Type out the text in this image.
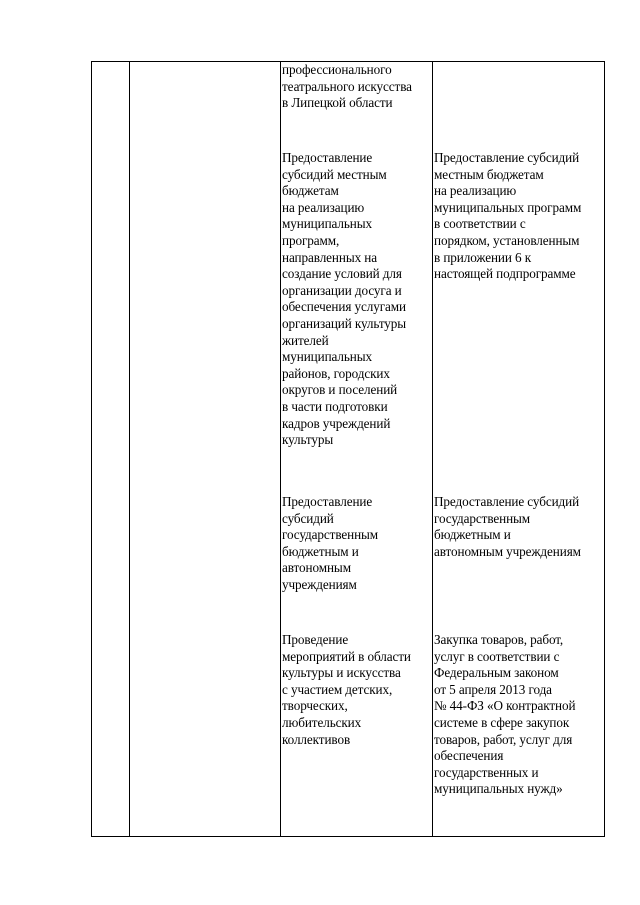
профессионального
театрального искусства
в Липецкой области
Предоставление
субсидий местным
бюджетам
на реализацию
муниципальных
программ,
направленных на
создание условий для
организации досуга и
обеспечения услугами
организаций культуры
жителей
муниципальных
районов, городских
округов и поселений
в части подготовки
кадров учреждений
культуры
Предоставление
субсидий
государственным
бюджетным и
автономным
учреждениям
Проведение
мероприятий в области
культуры и искусства
с участием детских,
творческих,
любительских
коллективов
Предоставление субсидий
местным бюджетам
на реализацию
муниципальных программ
в соответствии с
порядком, установленным
в приложении 6 к
настоящей подпрограмме
Предоставление субсидий
государственным
бюджетным и
автономным учреждениям
Закупка товаров, работ,
услуг в соответствии с
Федеральным законом
от 5 апреля 2013 года
№ 44-ФЗ «О контрактной
системе в сфере закупок
товаров, работ, услуг для
обеспечения
государственных и
муниципальных нужд»
